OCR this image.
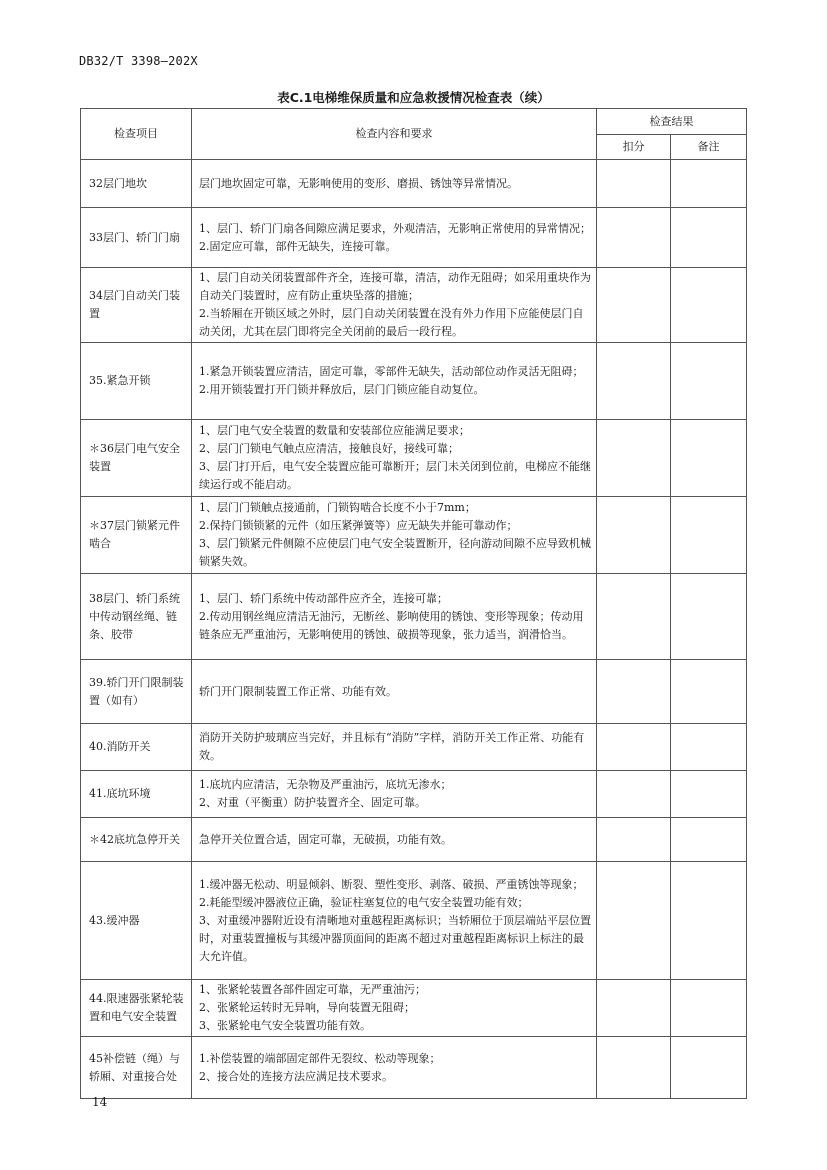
DB32/T 3398—202X
表C.1电梯维保质量和应急救援情况检查表（续）
检查项目	检查内容和要求	检查结果	
		扣分	备注
32层门地坎	层门地坎固定可靠，无影响使用的变形、磨损、锈蚀等异常情况。		

33层门、轿门门扇	1、层门、轿门门扇各间隙应满足要求，外观清洁，无影响正常使用的异常情况；
2.固定应可靠，部件无缺失，连接可靠。		

34层门自动关门装置	1、层门自动关闭装置部件齐全，连接可靠，清洁，动作无阻碍；如采用重块作为自动关门装置时，应有防止重块坠落的措施；
2.当轿厢在开锁区域之外时，层门自动关闭装置在没有外力作用下应能使层门自动关闭，尤其在层门即将完全关闭前的最后一段行程。		

35.紧急开锁	1.紧急开锁装置应清洁，固定可靠，零部件无缺失，活动部位动作灵活无阻碍；
2.用开锁装置打开门锁并释放后，层门门锁应能自动复位。		

＊36层门电气安全装置	1、层门电气安全装置的数量和安装部位应能满足要求；
2、层门门锁电气触点应清洁，接触良好，接线可靠；
3、层门打开后，电气安全装置应能可靠断开；层门未关闭到位前，电梯应不能继续运行或不能启动。		

＊37层门锁紧元件啮合	1、层门门锁触点接通前，门锁钩啮合长度不小于7mm；
2.保持门锁锁紧的元件（如压紧弹簧等）应无缺失并能可靠动作；
3、层门锁紧元件侧隙不应使层门电气安全装置断开，径向游动间隙不应导致机械锁紧失效。		

38层门、轿门系统中传动钢丝绳、链条、胶带	1、层门、轿门系统中传动部件应齐全，连接可靠；
2.传动用钢丝绳应清洁无油污，无断丝、影响使用的锈蚀、变形等现象；传动用链条应无严重油污，无影响使用的锈蚀、破损等现象，张力适当，润滑恰当。		

39.轿门开门限制装置（如有）	轿门开门限制装置工作正常、功能有效。		

40.消防开关	消防开关防护玻璃应当完好，并且标有“消防”字样，消防开关工作正常、功能有效。		

41.底坑环境	1.底坑内应清洁，无杂物及严重油污，底坑无渗水；
2、对重（平衡重）防护装置齐全、固定可靠。		

＊42底坑急停开关	急停开关位置合适，固定可靠，无破损，功能有效。		

43.缓冲器	1.缓冲器无松动、明显倾斜、断裂、塑性变形、剥落、破损、严重锈蚀等现象；
2.耗能型缓冲器液位正确，验证柱塞复位的电气安全装置功能有效；
3、对重缓冲器附近设有清晰地对重越程距离标识；当轿厢位于顶层端站平层位置时，对重装置撞板与其缓冲器顶面间的距离不超过对重越程距离标识上标注的最大允许值。		

44.限速器张紧轮装置和电气安全装置	1、张紧轮装置各部件固定可靠，无严重油污；
2、张紧轮运转时无异响，导向装置无阻碍；
3、张紧轮电气安全装置功能有效。		

45补偿链（绳）与轿厢、对重接合处	1.补偿装置的端部固定部件无裂纹、松动等现象；
2、接合处的连接方法应满足技术要求。		

14
